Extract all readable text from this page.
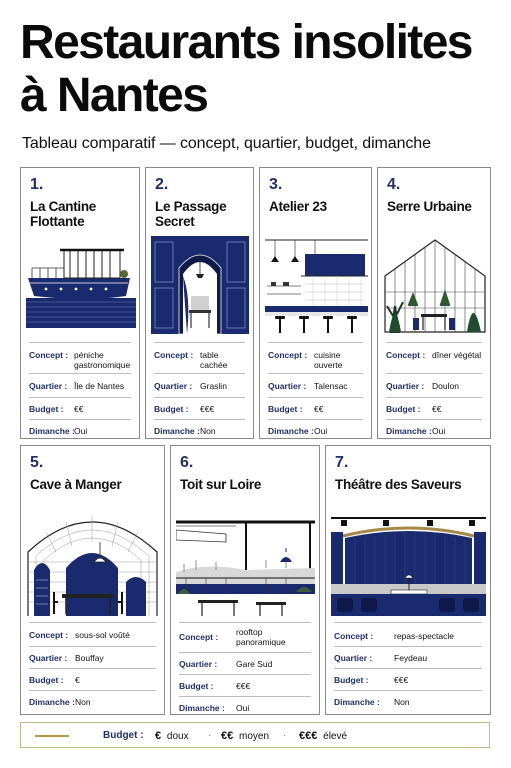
Restaurants insolites à Nantes
Tableau comparatif — concept, quartier, budget, dimanche
1.
La Cantine Flottante
Concept : péniche gastronomique
Quartier : Île de Nantes
Budget : €€
Dimanche : Oui
2.
Le Passage Secret
Concept : table cachée
Quartier : Graslin
Budget : €€€
Dimanche : Non
3.
Atelier 23
Concept : cuisine ouverte
Quartier : Talensac
Budget : €€
Dimanche : Oui
4.
Serre Urbaine
Concept : dîner végétal
Quartier : Doulon
Budget : €€
Dimanche : Oui
5.
Cave à Manger
Concept : sous-sol voûté
Quartier : Bouffay
Budget : €
Dimanche : Non
6.
Toit sur Loire
Concept : rooftop panoramique
Quartier : Gare Sud
Budget :	€€€
Dimanche : Oui
7.
Théâtre des Saveurs
Concept : repas-spectacle
Quartier :	Feydeau
Budget :	€€€
Dimanche : Non
Budget : € doux · €€ moyen · €€€ élevé
